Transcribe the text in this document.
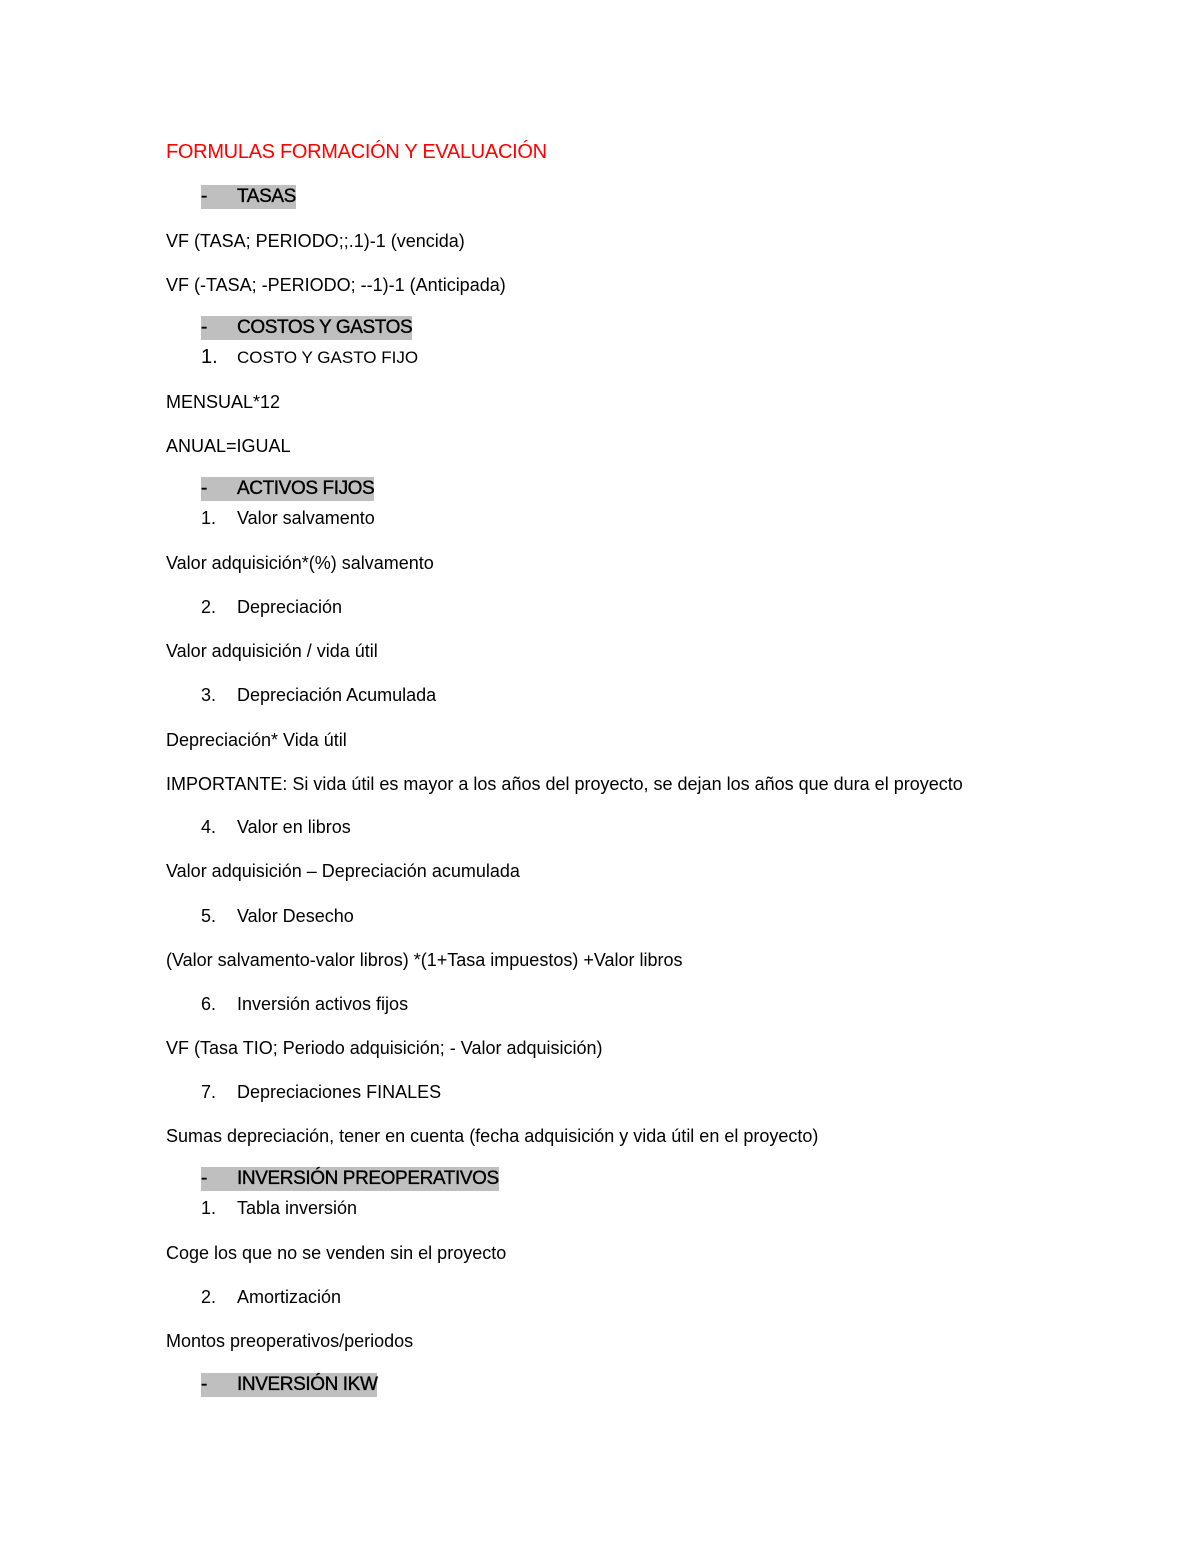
FORMULAS FORMACIÓN Y EVALUACIÓN
- TASAS
VF (TASA; PERIODO;;.1)-1 (vencida)
VF (-TASA; -PERIODO; --1)-1 (Anticipada)
- COSTOS Y GASTOS
1. COSTO Y GASTO FIJO
MENSUAL*12
ANUAL=IGUAL
- ACTIVOS FIJOS
1. Valor salvamento
Valor adquisición*(%) salvamento
2. Depreciación
Valor adquisición / vida útil
3. Depreciación Acumulada
Depreciación* Vida útil
IMPORTANTE: Si vida útil es mayor a los años del proyecto, se dejan los años que dura el proyecto
4. Valor en libros
Valor adquisición – Depreciación acumulada
5. Valor Desecho
(Valor salvamento-valor libros) *(1+Tasa impuestos) +Valor libros
6. Inversión activos fijos
VF (Tasa TIO; Periodo adquisición; - Valor adquisición)
7. Depreciaciones FINALES
Sumas depreciación, tener en cuenta (fecha adquisición y vida útil en el proyecto)
- INVERSIÓN PREOPERATIVOS
1. Tabla inversión
Coge los que no se venden sin el proyecto
2. Amortización
Montos preoperativos/periodos
- INVERSIÓN IKW
